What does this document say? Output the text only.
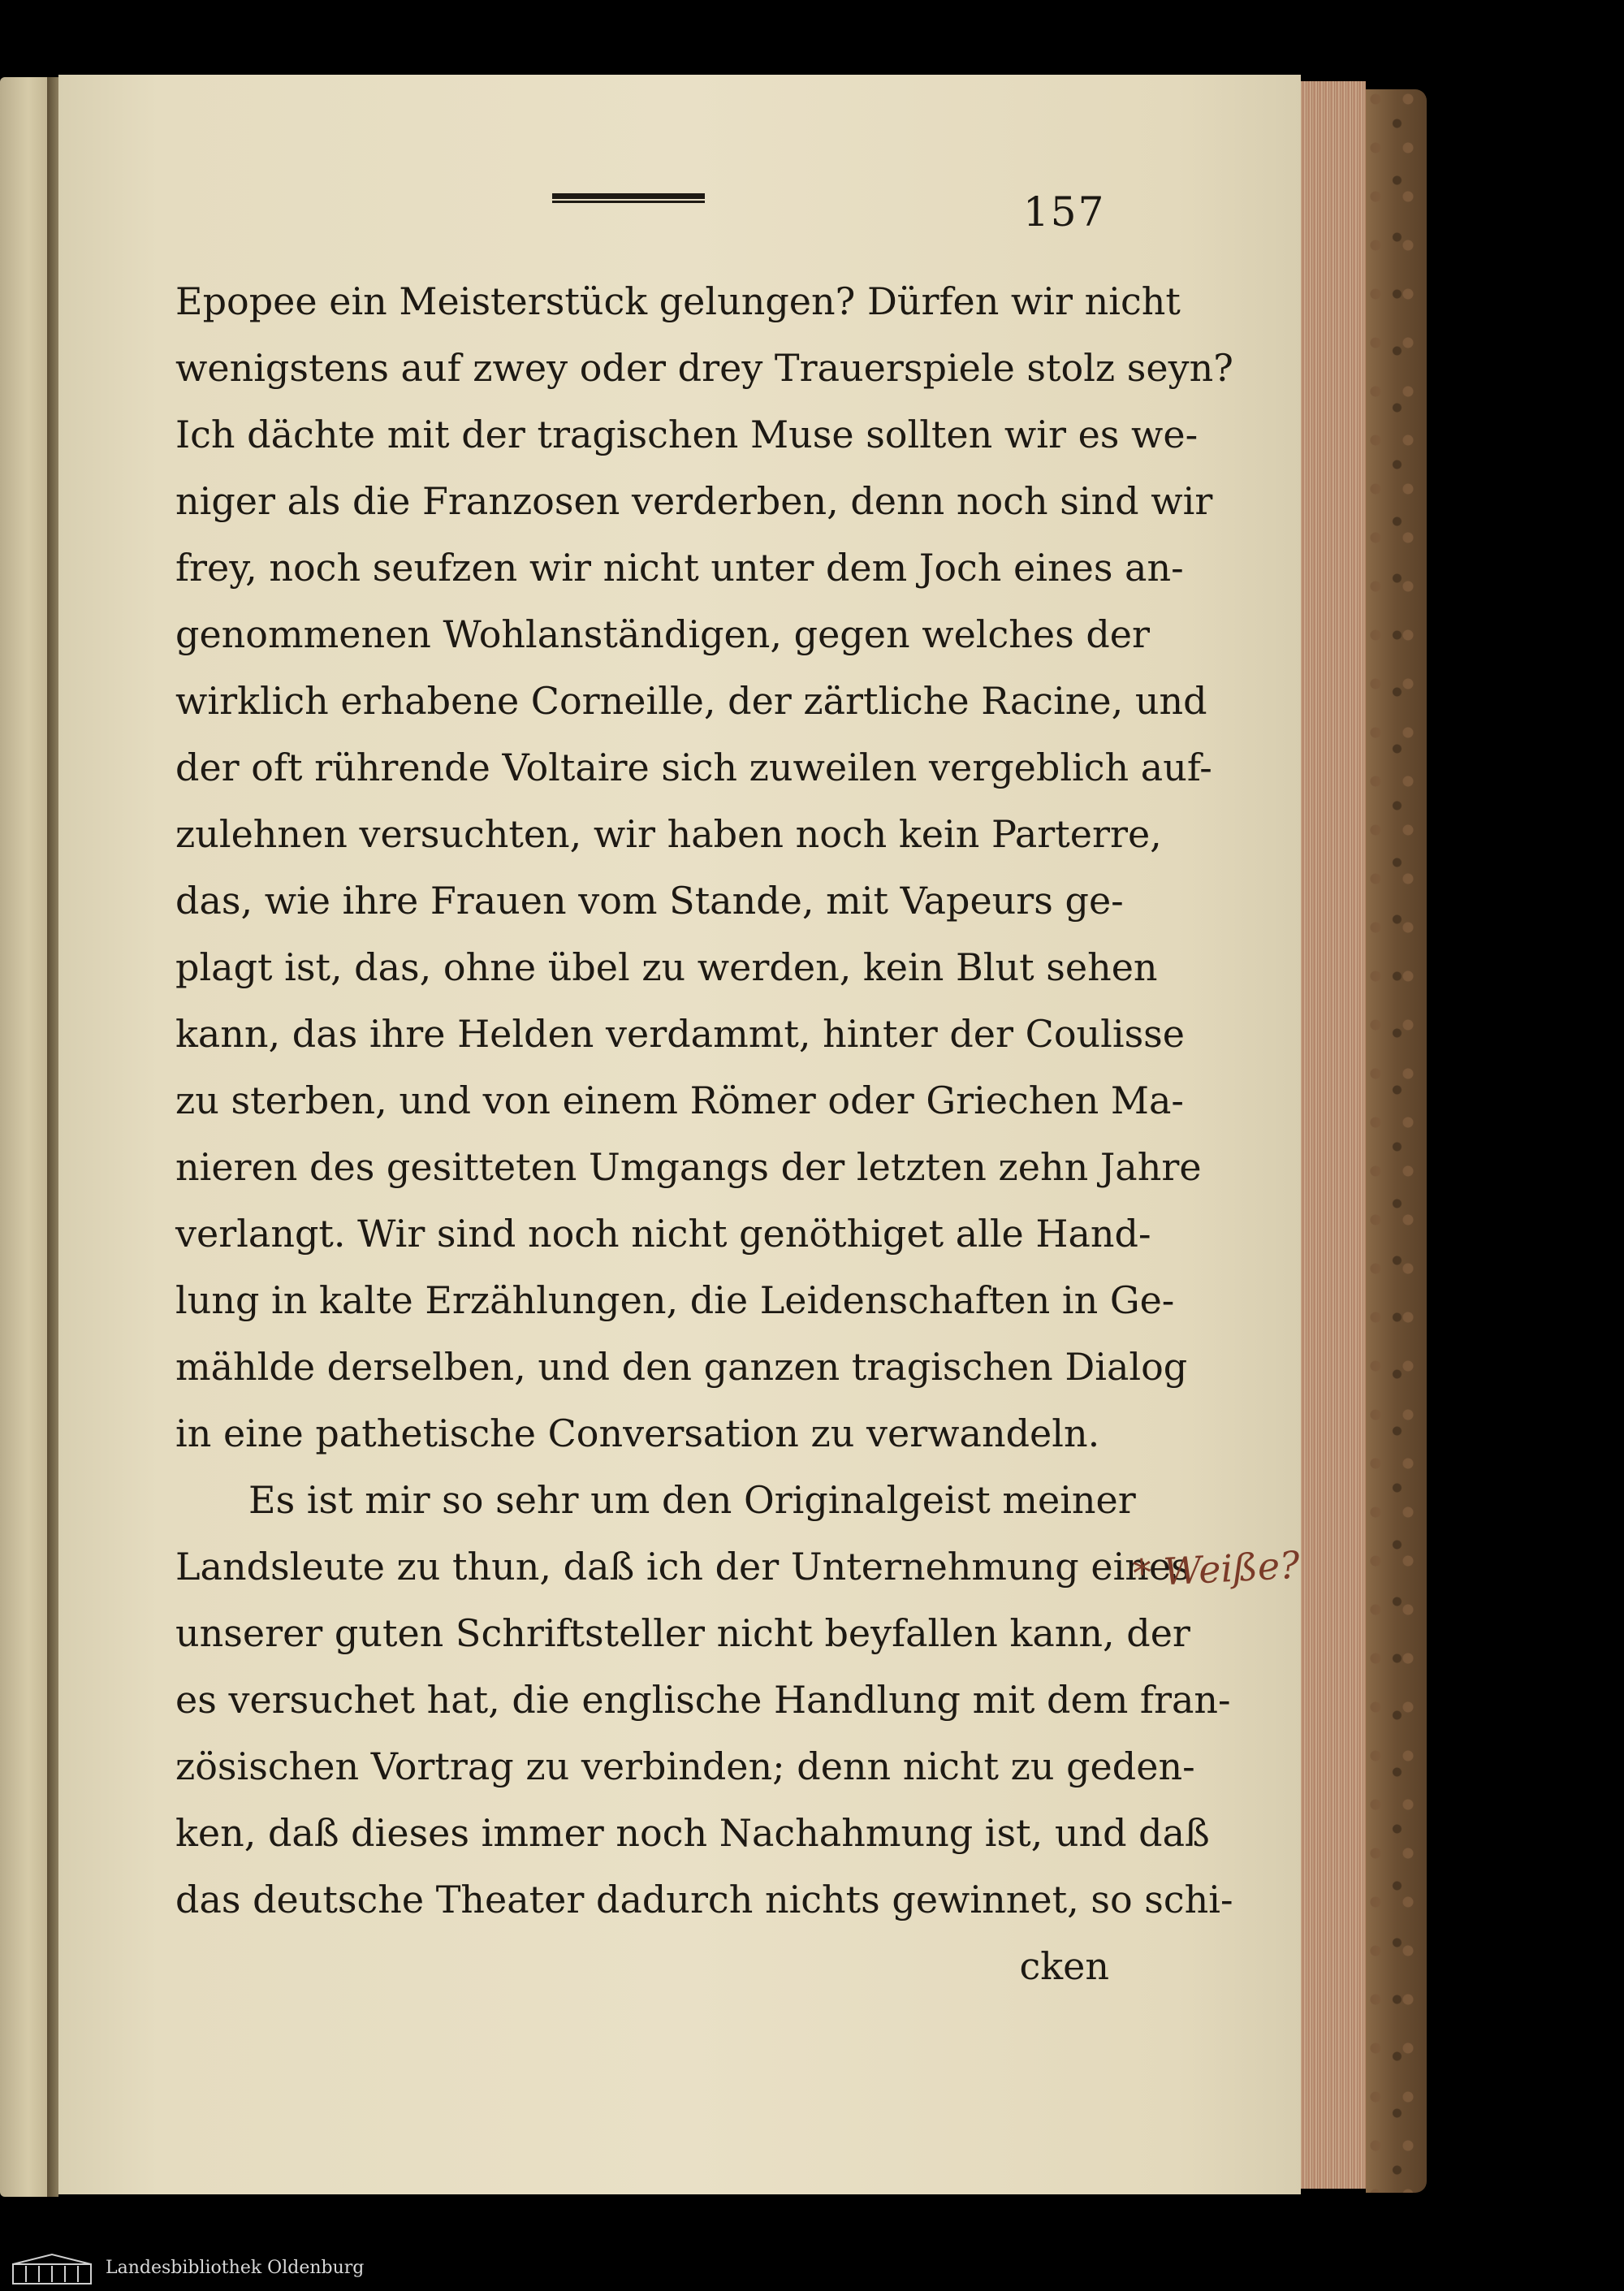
157
Epopee ein Meisterstück gelungen? Dürfen wir nicht
wenigstens auf zwey oder drey Trauerspiele stolz seyn?
Ich dächte mit der tragischen Muse sollten wir es we-
niger als die Franzosen verderben, denn noch sind wir
frey, noch seufzen wir nicht unter dem Joch eines an-
genommenen Wohlanständigen, gegen welches der
wirklich erhabene Corneille, der zärtliche Racine, und
der oft rührende Voltaire sich zuweilen vergeblich auf-
zulehnen versuchten, wir haben noch kein Parterre,
das, wie ihre Frauen vom Stande, mit Vapeurs ge-
plagt ist, das, ohne übel zu werden, kein Blut sehen
kann, das ihre Helden verdammt, hinter der Coulisse
zu sterben, und von einem Römer oder Griechen Ma-
nieren des gesitteten Umgangs der letzten zehn Jahre
verlangt. Wir sind noch nicht genöthiget alle Hand-
lung in kalte Erzählungen, die Leidenschaften in Ge-
mählde derselben, und den ganzen tragischen Dialog
in eine pathetische Conversation zu verwandeln.
Es ist mir so sehr um den Originalgeist meiner
Landsleute zu thun, daß ich der Unternehmung eines
unserer guten Schriftsteller nicht beyfallen kann, der
es versuchet hat, die englische Handlung mit dem fran-
zösischen Vortrag zu verbinden; denn nicht zu geden-
ken, daß dieses immer noch Nachahmung ist, und daß
das deutsche Theater dadurch nichts gewinnet, so schi-
cken
* Weiße?
Landesbibliothek Oldenburg
